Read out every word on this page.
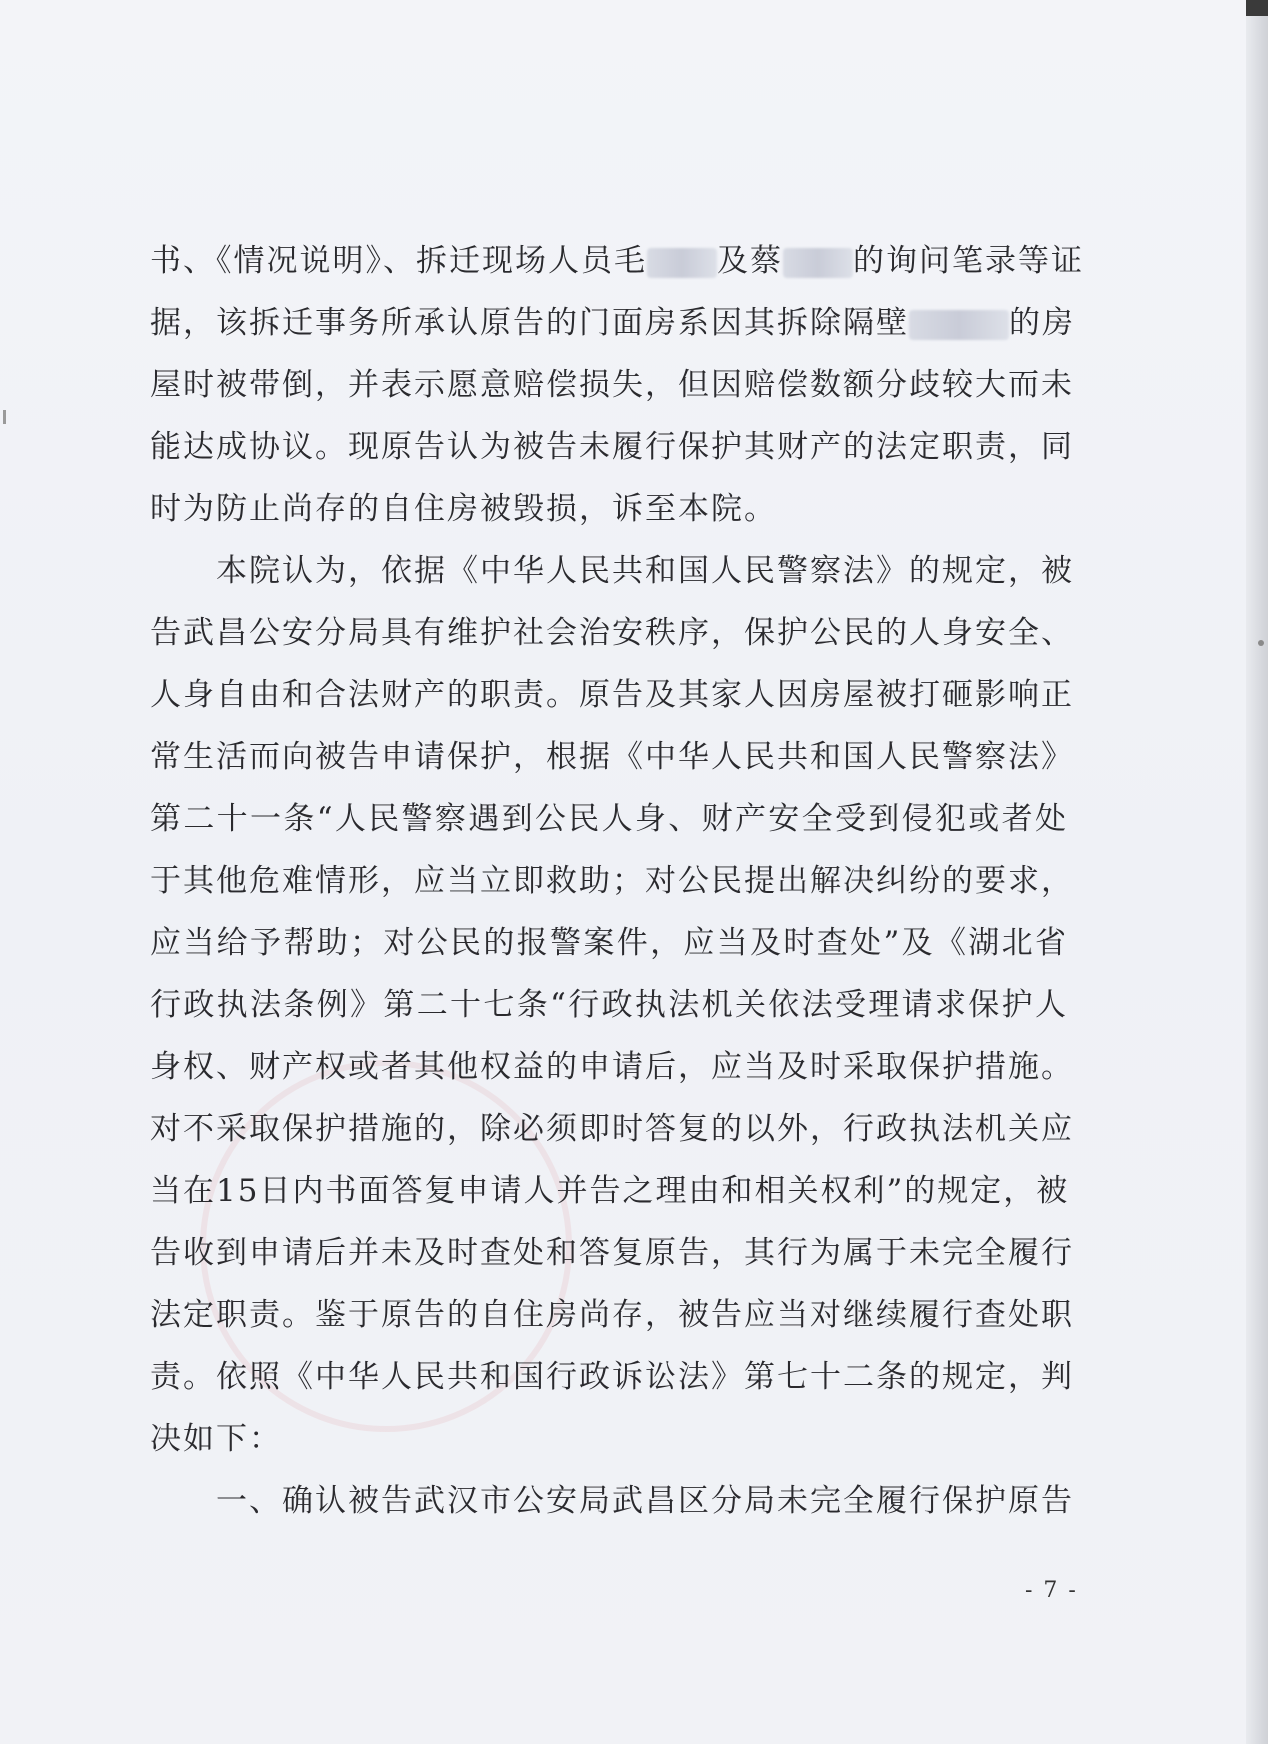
书、《情况说明》、拆迁现场人员毛 及蔡 的询问笔录等证
据，该拆迁事务所承认原告的门面房系因其拆除隔壁	的房
屋时被带倒，并表示愿意赔偿损失，但因赔偿数额分歧较大而未
能达成协议。现原告认为被告未履行保护其财产的法定职责，同
时为防止尚存的自住房被毁损，诉至本院。
本院认为，依据《中华人民共和国人民警察法》的规定，被
告武昌公安分局具有维护社会治安秩序，保护公民的人身安全、
人身自由和合法财产的职责。原告及其家人因房屋被打砸影响正
常生活而向被告申请保护，根据《中华人民共和国人民警察法》
第二十一条“人民警察遇到公民人身、财产安全受到侵犯或者处
于其他危难情形，应当立即救助；对公民提出解决纠纷的要求，
应当给予帮助；对公民的报警案件，应当及时查处”及《湖北省
行政执法条例》第二十七条“行政执法机关依法受理请求保护人
身权、财产权或者其他权益的申请后，应当及时采取保护措施。
对不采取保护措施的，除必须即时答复的以外，行政执法机关应
当在15日内书面答复申请人并告之理由和相关权利”的规定，被
告收到申请后并未及时查处和答复原告，其行为属于未完全履行
法定职责。鉴于原告的自住房尚存，被告应当对继续履行查处职
责。依照《中华人民共和国行政诉讼法》第七十二条的规定，判
决如下：
一、确认被告武汉市公安局武昌区分局未完全履行保护原告
- 7 -
